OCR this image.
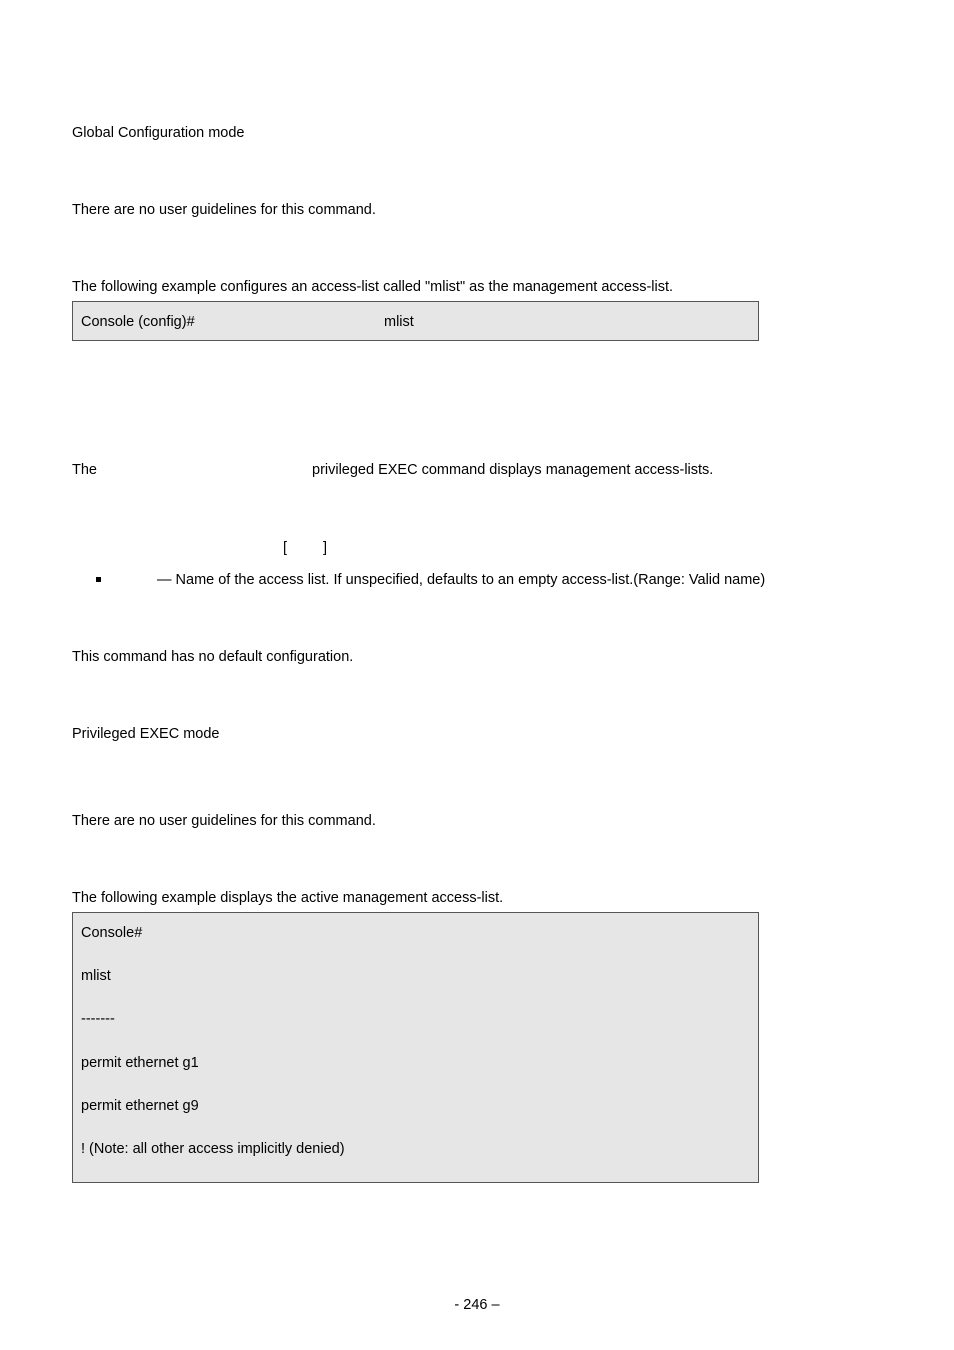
Global Configuration mode
There are no user guidelines for this command.
The following example configures an access-list called "mlist" as the management access-list.
Console (config)#	mlist
The	privileged EXEC command displays management access-lists.
[ ]
— Name of the access list. If unspecified, defaults to an empty access-list.(Range: Valid name)
This command has no default configuration.
Privileged EXEC mode
There are no user guidelines for this command.
The following example displays the active management access-list.
Console#
mlist
-------
permit ethernet g1
permit ethernet g9
! (Note: all other access implicitly denied)
- 246 –
